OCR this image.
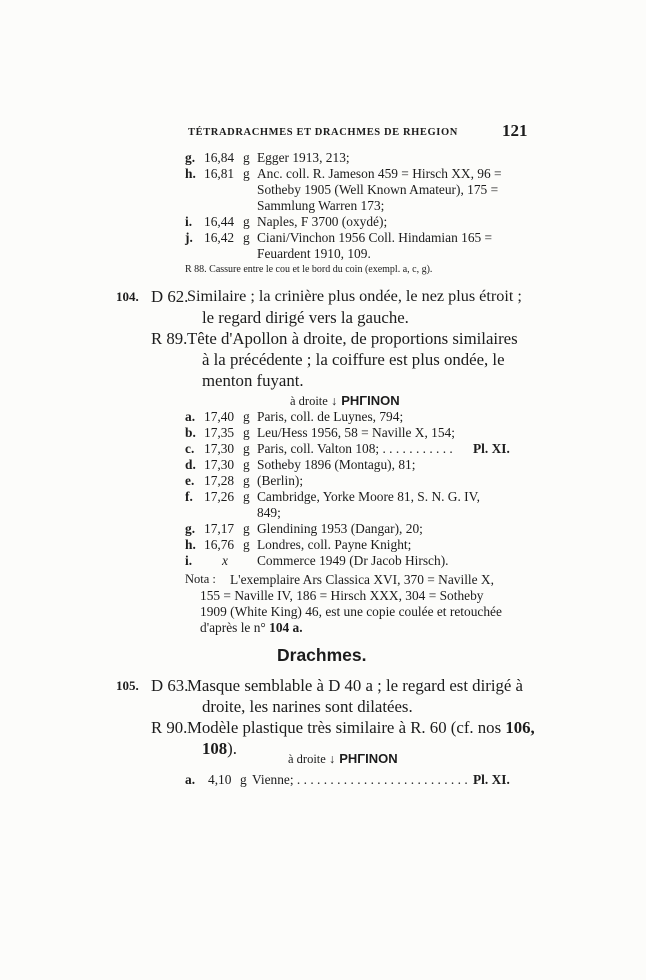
TÉTRADRACHMES ET DRACHMES DE RHEGION	121
g. 16,84 g Egger 1913, 213;
h. 16,81 g Anc. coll. R. Jameson 459 = Hirsch XX, 96 =
Sotheby 1905 (Well Known Amateur), 175 =
Sammlung Warren 173;
i. 16,44 g Naples, F 3700 (oxydé);
j. 16,42 g Ciani/Vinchon 1956 Coll. Hindamian 165 =
Feuardent 1910, 109.
R 88. Cassure entre le cou et le bord du coin (exempl. a, c, g).
104. D 62.
Similaire ; la crinière plus ondée, le nez plus étroit ;
le regard dirigé vers la gauche.
R 89. Tête d'Apollon à droite, de proportions similaires
à la précédente ; la coiffure est plus ondée, le
menton fuyant.
à droite ↓ PHΓIΝΟΝ
a. 17,40 g Paris, coll. de Luynes, 794;
b. 17,35 g Leu/Hess 1956, 58 = Naville X, 154;
c. 17,30 g Paris, coll. Valton 108; . . . . . . . . . . . Pl. XI.
d. 17,30 g Sotheby 1896 (Montagu), 81;
e. 17,28 g (Berlin);
f. 17,26 g Cambridge, Yorke Moore 81, S. N. G. IV,
849;
g. 17,17 g Glendining 1953 (Dangar), 20;
h. 16,76 g Londres, coll. Payne Knight;
i. x Commerce 1949 (Dr Jacob Hirsch).
Nota : L'exemplaire Ars Classica XVI, 370 = Naville X,
155 = Naville IV, 186 = Hirsch XXX, 304 = Sotheby
1909 (White King) 46, est une copie coulée et retouchée
d'après le n° 104 a.
Drachmes.
105. D 63.
Masque semblable à D 40 a ; le regard est dirigé à
droite, les narines sont dilatées.
R 90. Modèle plastique très similaire à R. 60 (cf. nos 106,
108).
à droite ↓ PHΓIΝΟΝ
a. 4,10 g Vienne; . . . . . . . . . . . . . . . . . . . . . . . . . . Pl. XI.
